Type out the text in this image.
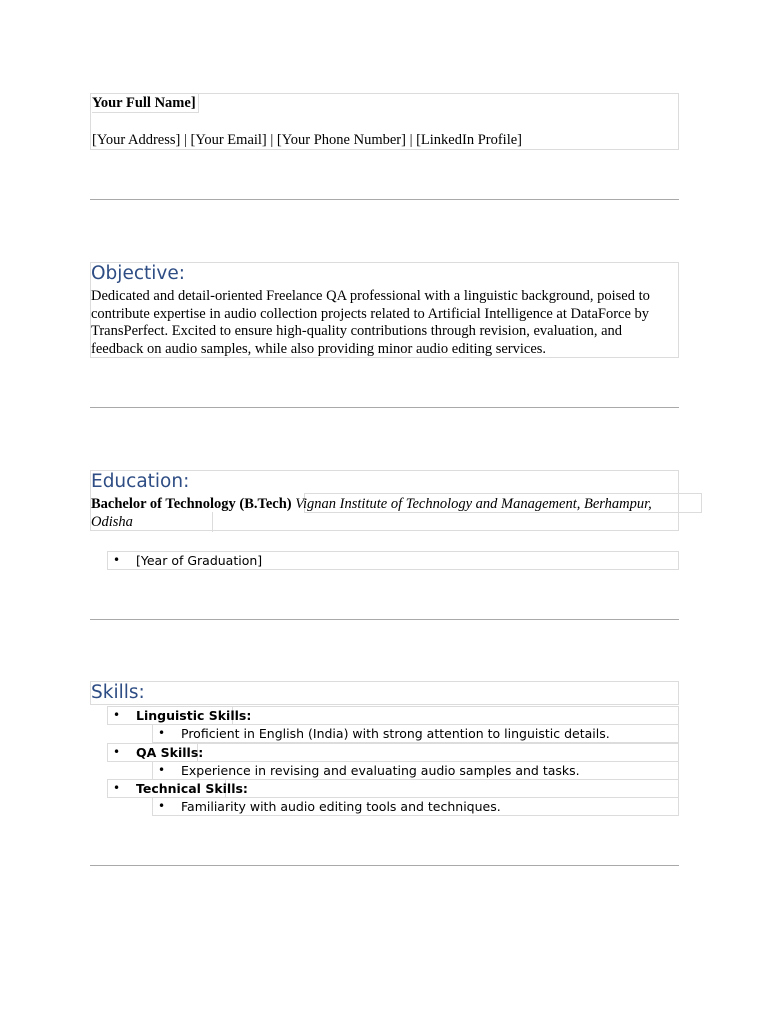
Your Full Name]
[Your Address] | [Your Email] | [Your Phone Number] | [LinkedIn Profile]
Objective:
Dedicated and detail-oriented Freelance QA professional with a linguistic background, poised to contribute expertise in audio collection projects related to Artificial Intelligence at DataForce by TransPerfect. Excited to ensure high-quality contributions through revision, evaluation, and feedback on audio samples, while also providing minor audio editing services.
Education:
Bachelor of Technology (B.Tech) Vignan Institute of Technology and Management, Berhampur, Odisha
• [Year of Graduation]
Skills:
• Linguistic Skills:
• Proficient in English (India) with strong attention to linguistic details.
• QA Skills:
• Experience in revising and evaluating audio samples and tasks.
• Technical Skills:
• Familiarity with audio editing tools and techniques.
